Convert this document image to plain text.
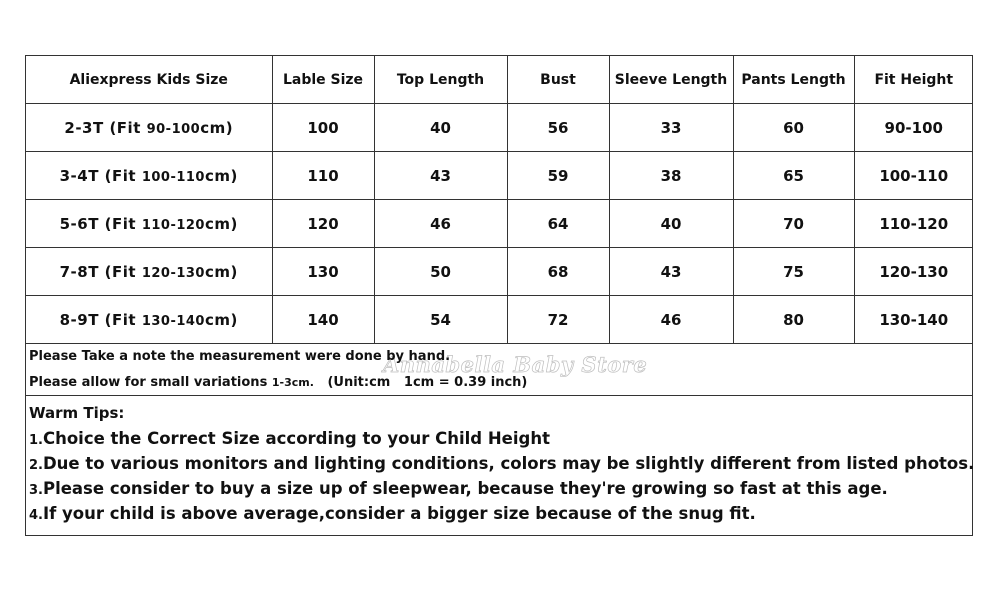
Aliexpress Kids Size	Lable Size	Top Length	Bust	Sleeve Length	Pants Length	Fit Height
2-3T (Fit 90-100cm)	100	40	56	33	60	90-100
3-4T (Fit 100-110cm)	110	43	59	38	65	100-110
5-6T (Fit 110-120cm)	120	46	64	40	70	110-120
7-8T (Fit 120-130cm)	130	50	68	43	75	120-130
8-9T (Fit 130-140cm)	140	54	72	46	80	130-140
Annabella Baby Store
Please Take a note the measurement were done by hand.
Please allow for small variations 1-3cm.   (Unit:cm   1cm = 0.39 inch)
Warm Tips:
1.Choice the Correct Size according to your Child Height
2.Due to various monitors and lighting conditions, colors may be slightly different from listed photos.
3.Please consider to buy a size up of sleepwear, because they're growing so fast at this age.
4.If your child is above average,consider a bigger size because of the snug fit.
